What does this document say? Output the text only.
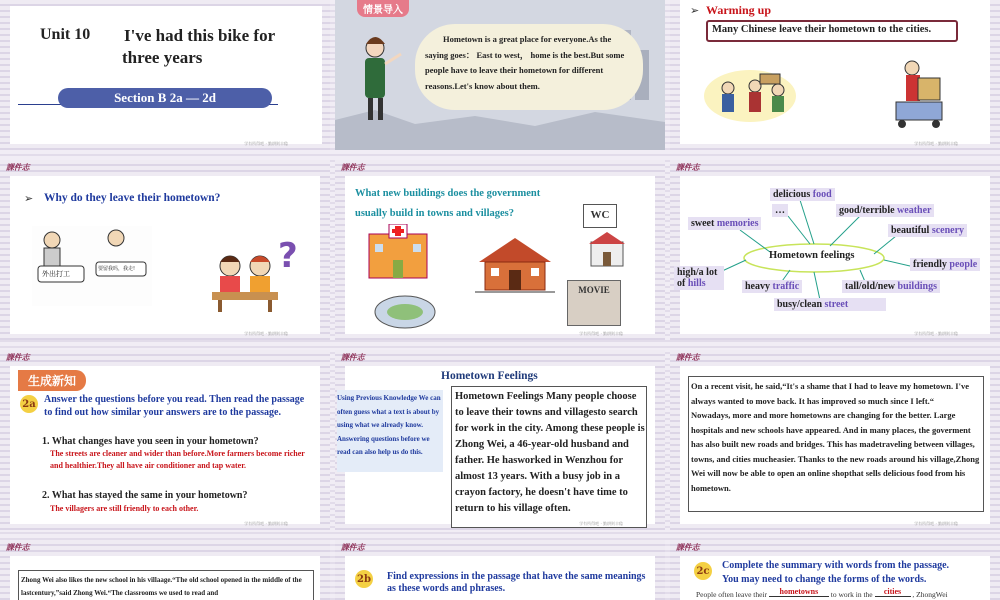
Unit 10 I've had this bike for
three years
Section B 2a — 2d
学有所得吧 · 勤耕则丰稔
情景导入
Hometown is a great place for everyone.As the saying goes： East to west， home is the best.But some people have to leave their hometown for different reasons.Let's know about them.
➢ Warming up
Many Chinese leave their hometown to the cities.
学有所得吧 · 勤耕则丰稔
課件志
➢ Why do they leave their hometown?
外出打工
要留我吗，我走!	?
学有所得吧 · 勤耕则丰稔
課件志
What new buildings does the government usually build in towns and villages?	WC
MOVIE
学有所得吧 · 勤耕则丰稔
課件志
Hometown feelings
delicious food
…	good/terrible weather
sweet memories
beautiful scenery
friendly people
high/a lot of hills	heavy traffic	tall/old/new buildings
busy/clean street
学有所得吧 · 勤耕则丰稔
課件志
生成新知
2a Answer the questions before you read. Then read the passage to find out how similar your answers are to the passage.
1. What changes have you seen in your hometown?
The streets are cleaner and wider than before.More farmers become richer and healthier.They all have air conditioner and tap water.
2. What has stayed the same in your hometown?
The villagers are still friendly to each other.
学有所得吧 · 勤耕则丰稔
課件志
Hometown Feelings
Using Previous Knowledge We can often guess what a text is about by using what we already know. Answering questions before we read can also help us do this.
Hometown Feelings Many people choose to leave their towns and villagesto search for work in the city. Among these people is Zhong Wei, a 46-year-old husband and father. He hasworked in Wenzhou for almost 13 years. With a busy job in a crayon factory, he doesn't have time to return to his village often.
学有所得吧 · 勤耕则丰稔
課件志
On a recent visit, he said,“It's a shame that I had to leave my hometown. I've always wanted to move back. It has improved so much since I left.“
Nowadays, more and more hometowns are changing for the better. Large hospitals and new schools have appeared. And in many places, the goverment has also built new roads and bridges. This has madetraveling between villages, towns, and cities mucheasier. Thanks to the new roads around his village,Zhong Wei will now be able to open an online shopthat sells delicious food from his hometown.
学有所得吧 · 勤耕则丰稔
課件志
Zhong Wei also likes the new school in his villaage.“The old school opened in the middle of the lastcentury,”said Zhong Wei.“The classrooms we used to read and
課件志
2b Find expressions in the passage that have the same meanings as these words and phrases.
課件志
2c Complete the summary with words from the passage. You may need to change the forms of the words.
People often leave their hometowns to work in the cities , ZhongWei
